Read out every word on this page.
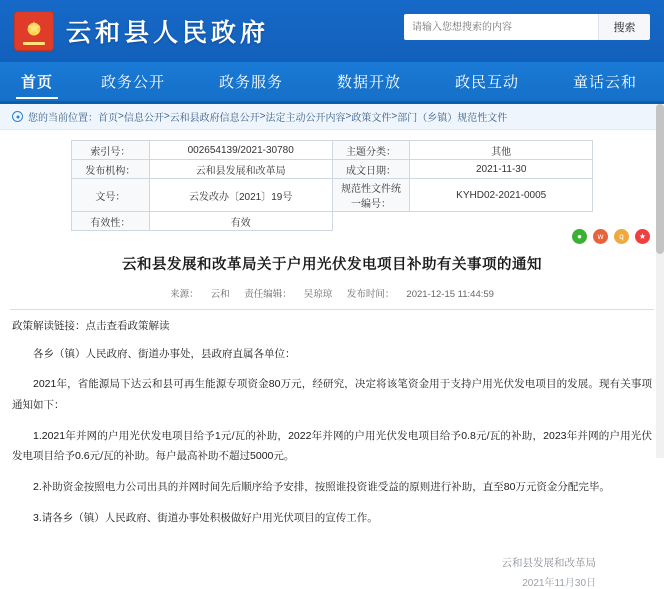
★ 云和县人民政府
请输入您想搜索的内容	搜索
首页	政务公开	政务服务	数据开放	政民互动	童话云和
您的当前位置： 首页 > 信息公开 > 云和县政府信息公开 > 法定主动公开内容 > 政策文件 > 部门（乡镇）规范性文件
索引号：	002654139/2021-30780	主题分类：	其他
发布机构：	云和县发展和改革局	成文日期：	2021-11-30
文号：	云发改办〔2021〕19号	规范性文件统一编号：	KYHD02-2021-0005
有效性：	有效		
云和县发展和改革局关于户用光伏发电项目补助有关事项的通知
∞	●	w	q	★
来源： 云和 责任编辑： 吴琼琼 发布时间： 2021-12-15 11:44:59
政策解读链接：点击查看政策解读

各乡（镇）人民政府、街道办事处，县政府直属各单位：

2021年，省能源局下达云和县可再生能源专项资金80万元，经研究，决定将该笔资金用于支持户用光伏发电项目的发展。现有关事项通知如下：

1.2021年并网的户用光伏发电项目给予1元/瓦的补助，2022年并网的户用光伏发电项目给予0.8元/瓦的补助，2023年并网的户用光伏发电项目给予0.6元/瓦的补助。每户最高补助不超过5000元。

2.补助资金按照电力公司出具的并网时间先后顺序给予安排，按照谁投资谁受益的原则进行补助，直至80万元资金分配完毕。

3.请各乡（镇）人民政府、街道办事处积极做好户用光伏项目的宣传工作。

云和县发展和改革局
2021年11月30日
